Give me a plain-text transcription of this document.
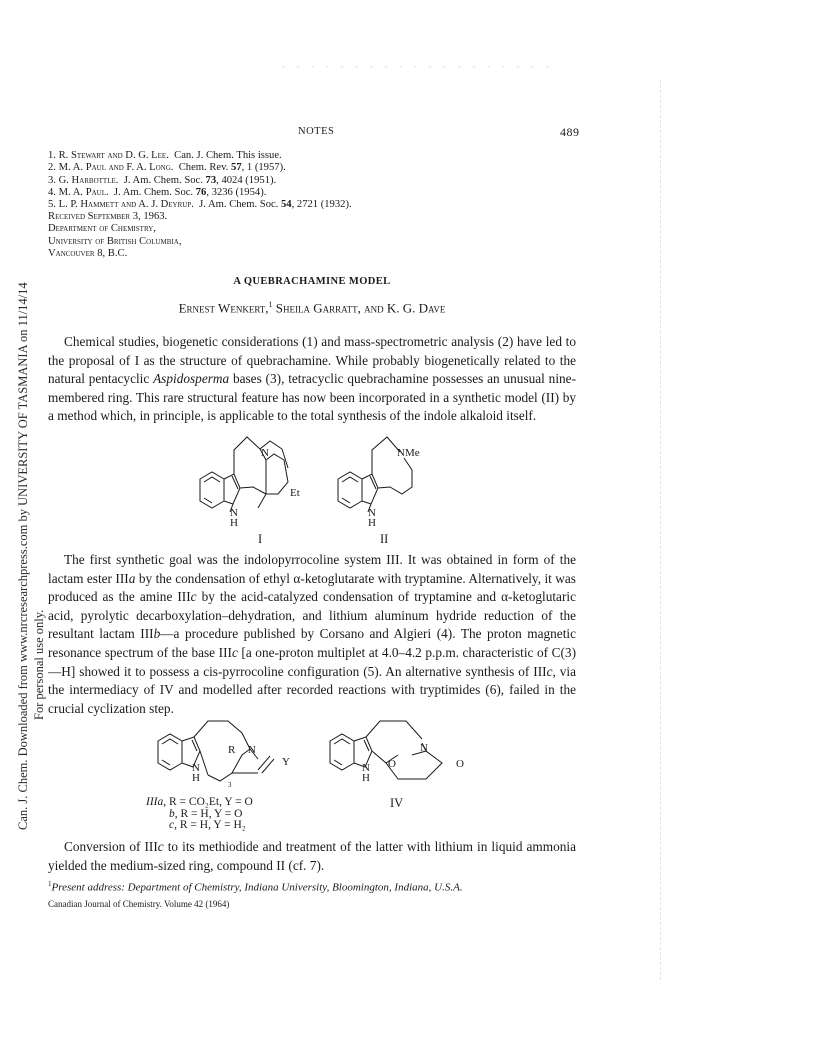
- - - - - - - - - - - - - - - - - - -
NOTES	489
1. R. Stewart and D. G. Lee. Can. J. Chem. This issue.
2. M. A. Paul and F. A. Long. Chem. Rev. 57, 1 (1957).
3. G. Harbottle. J. Am. Chem. Soc. 73, 4024 (1951).
4. M. A. Paul. J. Am. Chem. Soc. 76, 3236 (1954).
5. L. P. Hammett and A. J. Deyrup. J. Am. Chem. Soc. 54, 2721 (1932).
Received September 3, 1963.
Department of Chemistry,
University of British Columbia,
Vancouver 8, B.C.
A QUEBRACHAMINE MODEL
Ernest Wenkert,$^1$ Sheila Garratt, and K. G. Dave

Chemical studies, biogenetic considerations (1) and mass-spectrometric analysis (2) have led to the proposal of I as the structure of quebrachamine. While probably biogenetically related to the natural pentacyclic Aspidosperma bases (3), tetracyclic quebrachamine possesses an unusual nine-membered ring. This rare structural feature has now been incorporated in a synthetic model (II) by a method which, in principle, is applicable to the total synthesis of the indole alkaloid itself.

N
Et
N
H
NMe
N
H
I	II

The first synthetic goal was the indolopyrrocoline system III. It was obtained in form of the lactam ester IIIa by the condensation of ethyl α-ketoglutarate with tryptamine. Alternatively, it was produced as the amine IIIc by the acid-catalyzed condensation of tryptamine and α-ketoglutaric acid, pyrolytic decarboxylation–dehydration, and lithium aluminum hydride reduction of the resultant lactam IIIb—a procedure published by Corsano and Algieri (4). The proton magnetic resonance spectrum of the base IIIc [a one-proton multiplet at 4.0–4.2 p.p.m. characteristic of C(3)—H] showed it to possess a cis-pyrrocoline configuration (5). An alternative synthesis of IIIc, via the intermediacy of IV and modelled after recorded reactions with tryptimides (6), failed in the crucial cyclization step.

R N
Y
N
H
3
N
O	O
N
H
IIIa, R = CO₂Et, Y = O
b, R = H, Y = O
c, R = H, Y = H₂
IV

Conversion of IIIc to its methiodide and treatment of the latter with lithium in liquid ammonia yielded the medium-sized ring, compound II (cf. 7).

$^1$Present address: Department of Chemistry, Indiana University, Bloomington, Indiana, U.S.A.
Canadian Journal of Chemistry. Volume 42 (1964)
Can. J. Chem. Downloaded from www.nrcresearchpress.com by UNIVERSITY OF TASMANIA on 11/14/14 For personal use only.
